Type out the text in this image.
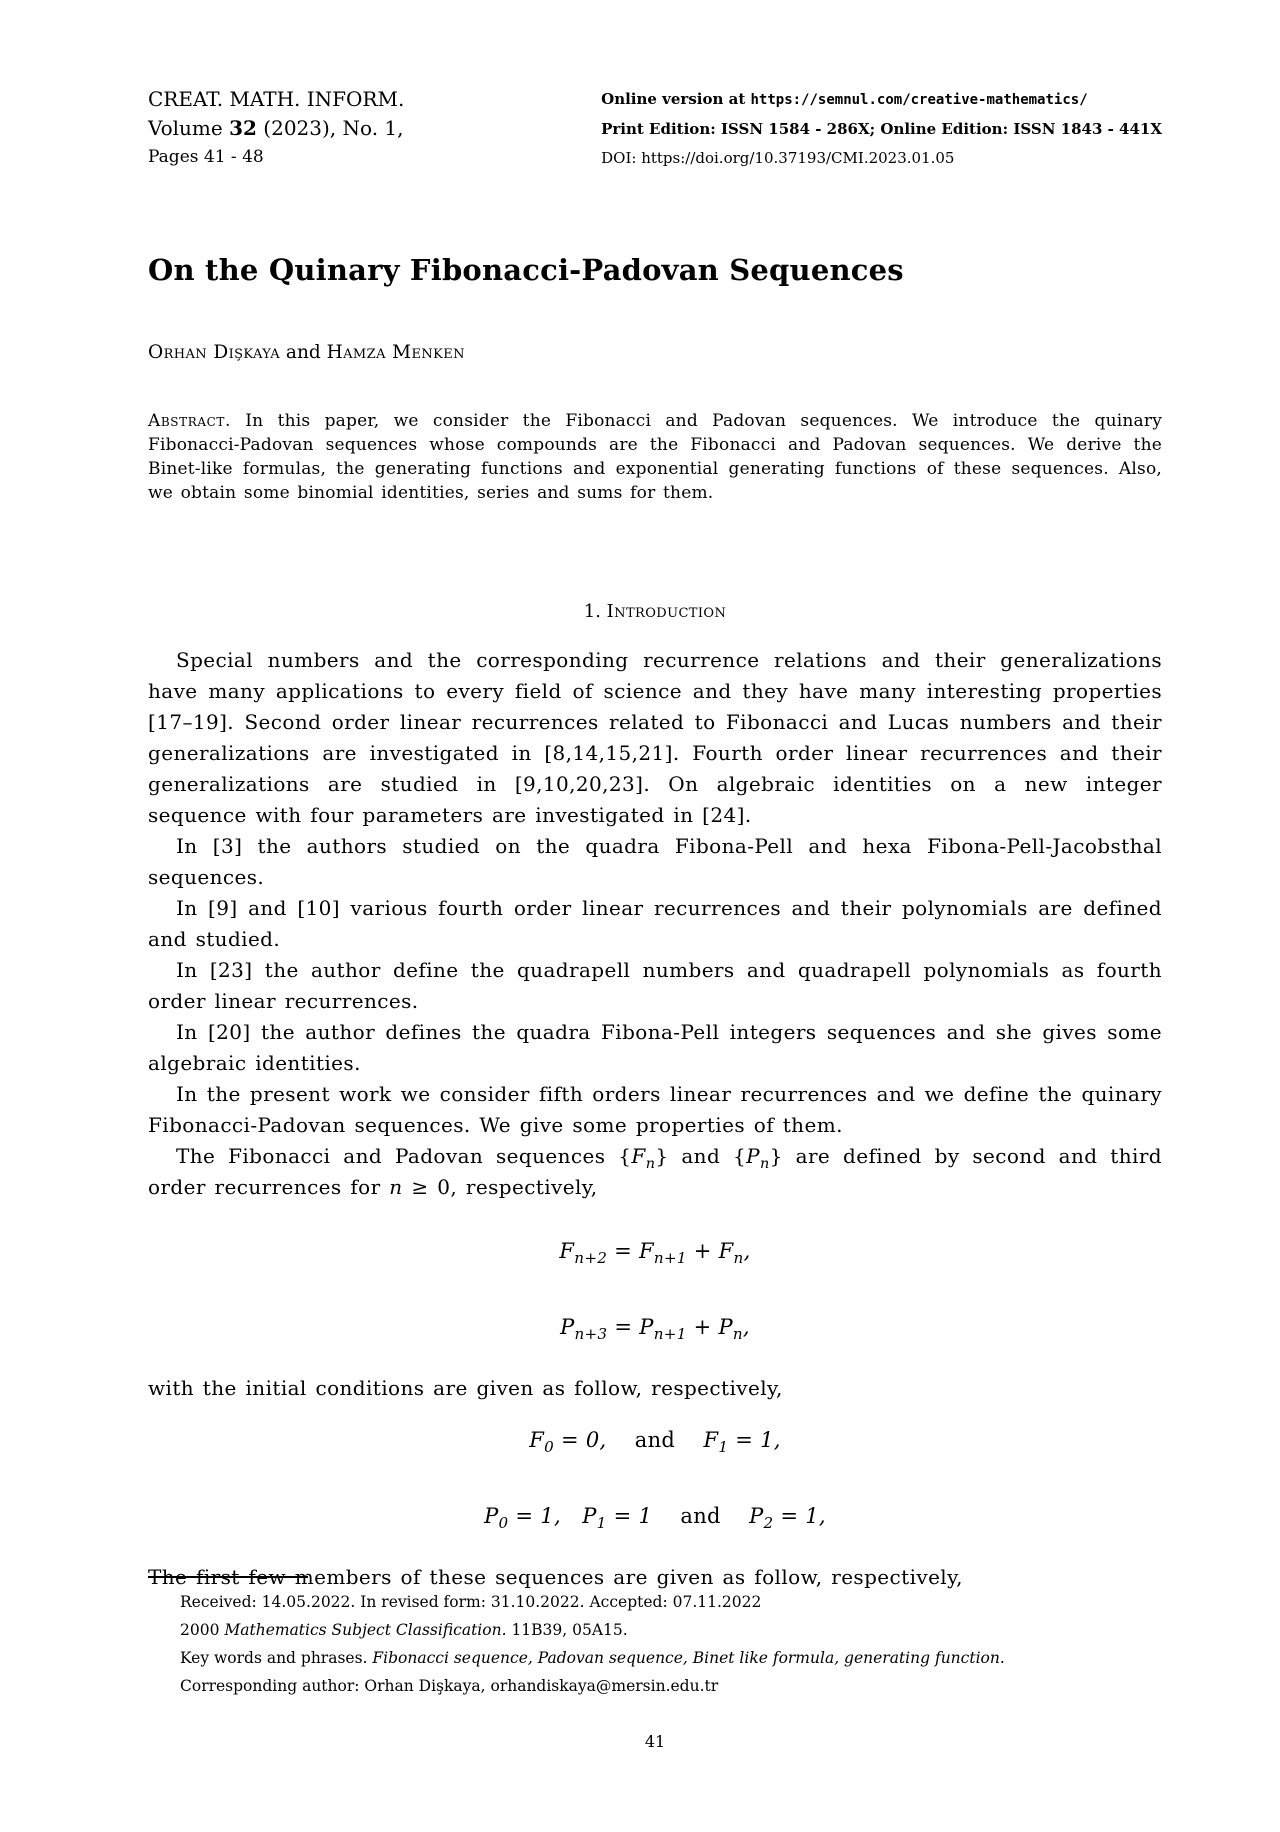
CREAT. MATH. INFORM.
Volume 32 (2023), No. 1,
Pages 41 - 48
Online version at https://semnul.com/creative-mathematics/
Print Edition: ISSN 1584 - 286X; Online Edition: ISSN 1843 - 441X
DOI: https://doi.org/10.37193/CMI.2023.01.05
On the Quinary Fibonacci-Padovan Sequences
Orhan Dişkaya and Hamza Menken

Abstract. In this paper, we consider the Fibonacci and Padovan sequences. We introduce the quinary Fibonacci-Padovan sequences whose compounds are the Fibonacci and Padovan sequences. We derive the Binet-like formulas, the generating functions and exponential generating functions of these sequences. Also, we obtain some binomial identities, series and sums for them.

1. Introduction

Special numbers and the corresponding recurrence relations and their generalizations have many applications to every field of science and they have many interesting properties [17–19]. Second order linear recurrences related to Fibonacci and Lucas numbers and their generalizations are investigated in [8,14,15,21]. Fourth order linear recurrences and their generalizations are studied in [9,10,20,23]. On algebraic identities on a new integer sequence with four parameters are investigated in [24].

In [3] the authors studied on the quadra Fibona-Pell and hexa Fibona-Pell-Jacobsthal sequences.

In [9] and [10] various fourth order linear recurrences and their polynomials are defined and studied.

In [23] the author define the quadrapell numbers and quadrapell polynomials as fourth order linear recurrences.

In [20] the author defines the quadra Fibona-Pell integers sequences and she gives some algebraic identities.

In the present work we consider fifth orders linear recurrences and we define the quinary Fibonacci-Padovan sequences. We give some properties of them.

The Fibonacci and Padovan sequences $\{F_n\}$ and $\{P_n\}$ are defined by second and third order recurrences for n ≥ 0, respectively,

$F_{n+2} = F_{n+1} + F_n$,
$P_{n+3} = P_{n+1} + P_n$,

with the initial conditions are given as follow, respectively,

$F_0 = 0$,  and  $F_1 = 1$,
$P_0 = 1$,  $P_1 = 1$  and  $P_2 = 1$,

The first few members of these sequences are given as follow, respectively,

Received: 14.05.2022. In revised form: 31.10.2022. Accepted: 07.11.2022
2000 Mathematics Subject Classification. 11B39, 05A15.
Key words and phrases. Fibonacci sequence, Padovan sequence, Binet like formula, generating function.
Corresponding author: Orhan Dişkaya, orhandiskaya@mersin.edu.tr
41
